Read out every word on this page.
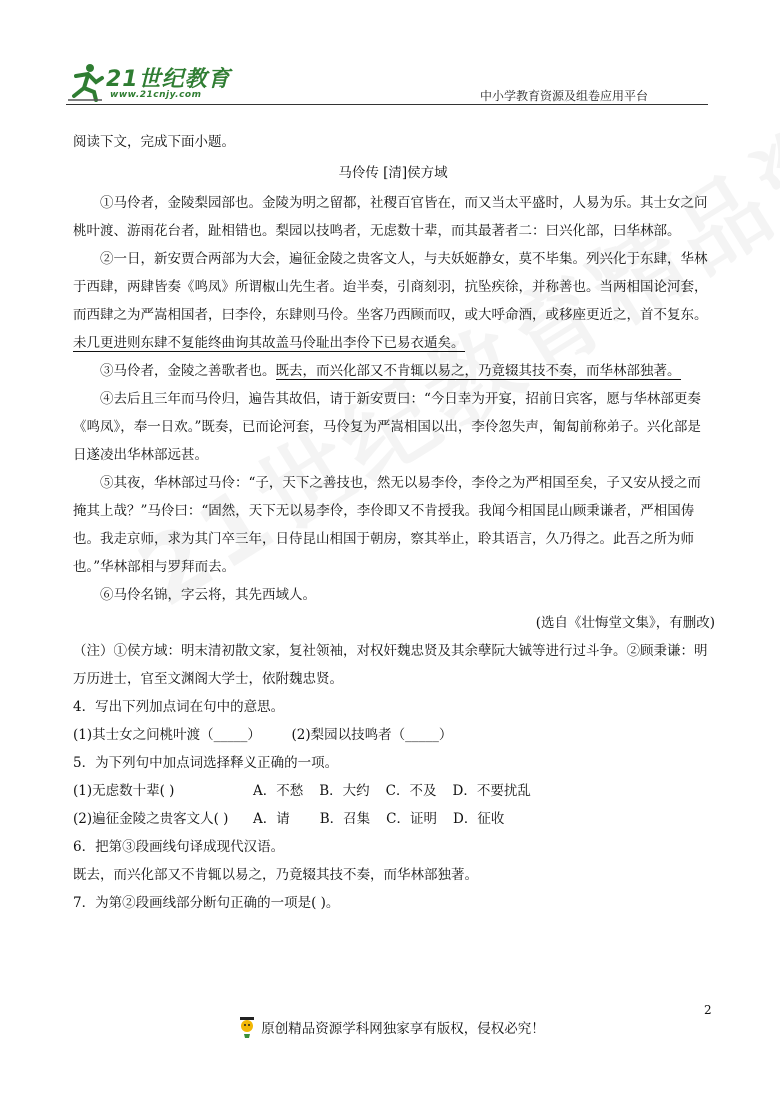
21世纪教育
www.21cnjy.com	中小学教育资源及组卷应用平台
阅读下文，完成下面小题。
马伶传 [清]侯方域
①马伶者，金陵梨园部也。金陵为明之留都，社稷百官皆在，而又当太平盛时，人易为乐。其士女之问桃叶渡、游雨花台者，趾相错也。梨园以技鸣者，无虑数十辈，而其最著者二：曰兴化部，曰华林部。
②一日，新安贾合两部为大会，遍征金陵之贵客文人，与夫妖姬静女，莫不毕集。列兴化于东肆，华林于西肆，两肆皆奏《鸣凤》所谓椒山先生者。迨半奏，引商刻羽，抗坠疾徐，并称善也。当两相国论河套，而西肆之为严嵩相国者，曰李伶，东肆则马伶。坐客乃西顾而叹，或大呼命酒，或移座更近之，首不复东。未几更进则东肆不复能终曲询其故盖马伶耻出李伶下已易衣遁矣。
③马伶者，金陵之善歌者也。既去，而兴化部又不肯辄以易之，乃竟辍其技不奏，而华林部独著。
④去后且三年而马伶归，遍告其故侣，请于新安贾曰：“今日幸为开宴，招前日宾客，愿与华林部更奏《鸣凤》，奉一日欢。”既奏，已而论河套，马伶复为严嵩相国以出，李伶忽失声，匍匐前称弟子。兴化部是日遂凌出华林部远甚。
⑤其夜，华林部过马伶：“子，天下之善技也，然无以易李伶，李伶之为严相国至矣，子又安从授之而掩其上哉？”马伶曰：“固然，天下无以易李伶，李伶即又不肯授我。我闻今相国昆山顾秉谦者，严相国俦也。我走京师，求为其门卒三年，日侍昆山相国于朝房，察其举止，聆其语言，久乃得之。此吾之所为师也。”华林部相与罗拜而去。
⑥马伶名锦，字云将，其先西域人。
(选自《壮悔堂文集》，有删改)
（注）①侯方域：明末清初散文家，复社领袖，对权奸魏忠贤及其余孽阮大铖等进行过斗争。②顾秉谦：明万历进士，官至文渊阁大学士，依附魏忠贤。
4．写出下列加点词在句中的意思。
(1)其士女之问桃叶渡（_____） (2)梨园以技鸣者（_____）
5．为下列句中加点词选择释义正确的一项。
(1)无虑数十辈( )	A．不愁 B．大约 C．不及 D．不要扰乱
(2)遍征金陵之贵客文人( )	A．请 B．召集 C．证明 D．征收
6．把第③段画线句译成现代汉语。
既去，而兴化部又不肯辄以易之，乃竟辍其技不奏，而华林部独著。
7．为第②段画线部分断句正确的一项是( )。
2
原创精品资源学科网独家享有版权，侵权必究！
